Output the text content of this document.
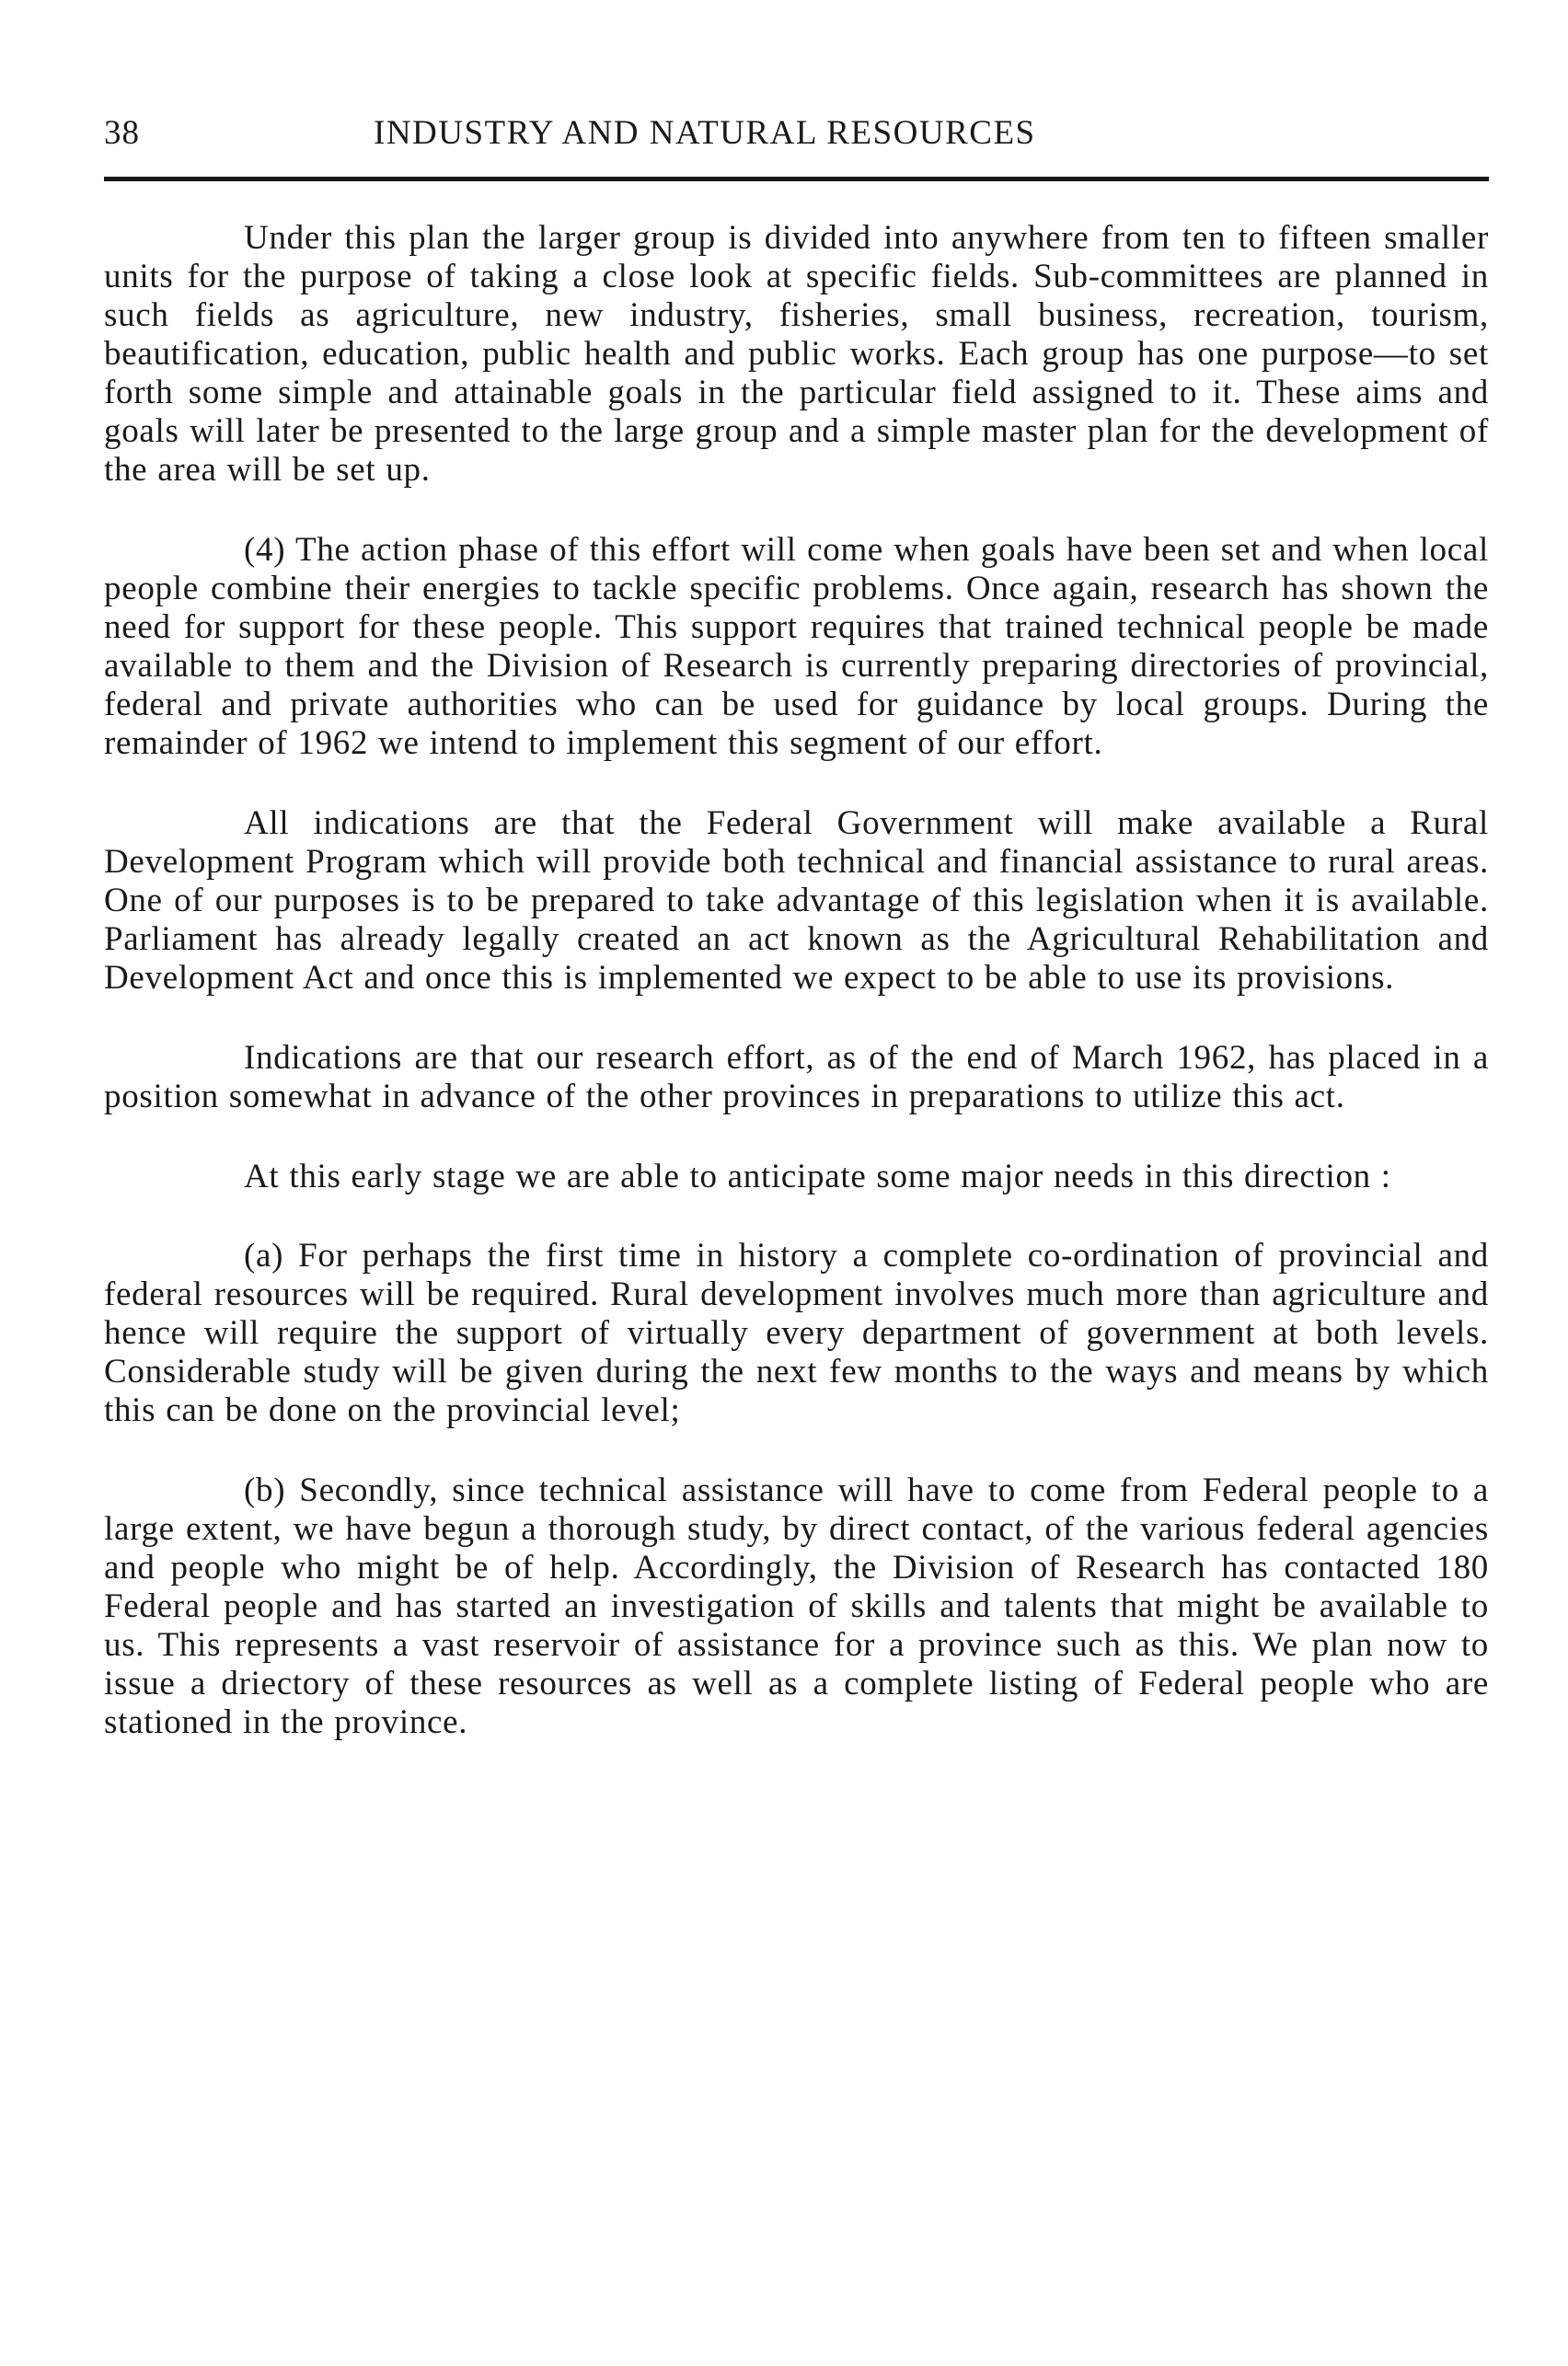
38	INDUSTRY AND NATURAL RESOURCES

Under this plan the larger group is divided into anywhere from ten to fifteen smaller units for the purpose of taking a close look at specific fields. Sub-committees are planned in such fields as agriculture, new industry, fisheries, small business, recreation, tourism, beautification, education, public health and public works. Each group has one purpose—to set forth some simple and attainable goals in the particular field assigned to it. These aims and goals will later be presented to the large group and a simple master plan for the development of the area will be set up.

(4) The action phase of this effort will come when goals have been set and when local people combine their energies to tackle specific problems. Once again, research has shown the need for support for these people. This support requires that trained technical people be made available to them and the Division of Research is currently preparing directories of provincial, federal and private authorities who can be used for guidance by local groups. During the remainder of 1962 we intend to implement this segment of our effort.

All indications are that the Federal Government will make available a Rural Development Program which will provide both technical and financial assistance to rural areas. One of our purposes is to be prepared to take advantage of this legislation when it is available. Parliament has already legally created an act known as the Agricultural Rehabilitation and Development Act and once this is implemented we expect to be able to use its provisions.

Indications are that our research effort, as of the end of March 1962, has placed in a position somewhat in advance of the other provinces in preparations to utilize this act.

At this early stage we are able to anticipate some major needs in this direction :

(a) For perhaps the first time in history a complete co-ordination of provincial and federal resources will be required. Rural development involves much more than agriculture and hence will require the support of virtually every department of government at both levels. Considerable study will be given during the next few months to the ways and means by which this can be done on the provincial level;

(b) Secondly, since technical assistance will have to come from Federal people to a large extent, we have begun a thorough study, by direct contact, of the various federal agencies and people who might be of help. Accordingly, the Division of Research has contacted 180 Federal people and has started an investigation of skills and talents that might be available to us. This represents a vast reservoir of assistance for a province such as this. We plan now to issue a driectory of these resources as well as a complete listing of Federal people who are stationed in the province.
